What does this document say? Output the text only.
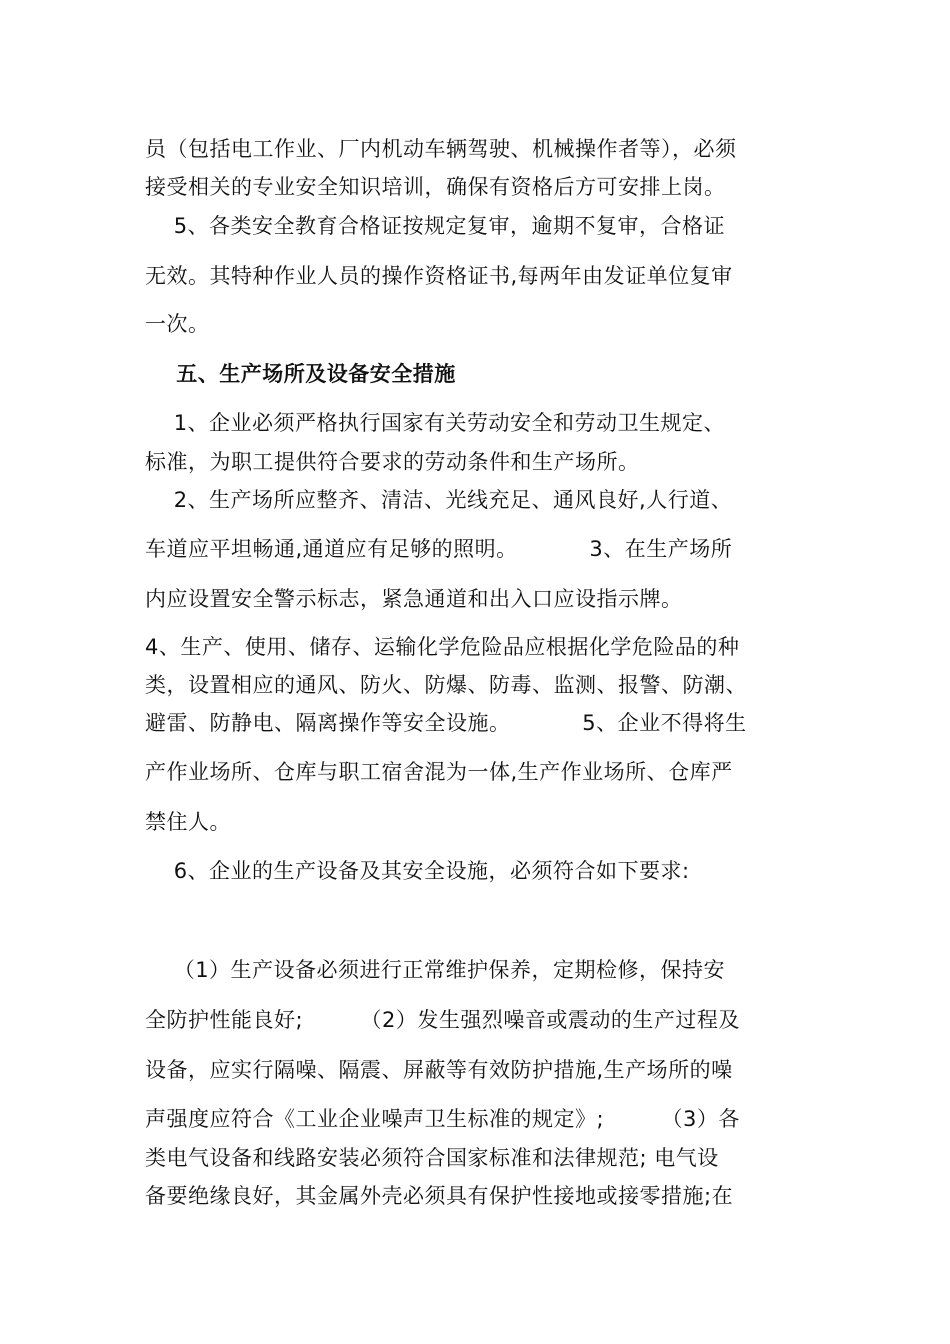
员（包括电工作业、厂内机动车辆驾驶、机械操作者等），必须
接受相关的专业安全知识培训，确保有资格后方可安排上岗。
5、各类安全教育合格证按规定复审，逾期不复审，合格证
无效。其特种作业人员的操作资格证书,每两年由发证单位复审
一次。
五、生产场所及设备安全措施
1、企业必须严格执行国家有关劳动安全和劳动卫生规定、
标准，为职工提供符合要求的劳动条件和生产场所。
2、生产场所应整齐、清洁、光线充足、通风良好,人行道、
车道应平坦畅通,通道应有足够的照明。          3、在生产场所
内应设置安全警示标志，紧急通道和出入口应设指示牌。
4、生产、使用、储存、运输化学危险品应根据化学危险品的种
类，设置相应的通风、防火、防爆、防毒、监测、报警、防潮、
避雷、防静电、隔离操作等安全设施。          5、企业不得将生
产作业场所、仓库与职工宿舍混为一体,生产作业场所、仓库严
禁住人。
6、企业的生产设备及其安全设施，必须符合如下要求:
（1）生产设备必须进行正常维护保养，定期检修，保持安
全防护性能良好;        （2）发生强烈噪音或震动的生产过程及
设备，应实行隔噪、隔震、屏蔽等有效防护措施,生产场所的噪
声强度应符合《工业企业噪声卫生标准的规定》;        （3）各
类电气设备和线路安装必须符合国家标准和法律规范; 电气设
备要绝缘良好，其金属外壳必须具有保护性接地或接零措施;在
